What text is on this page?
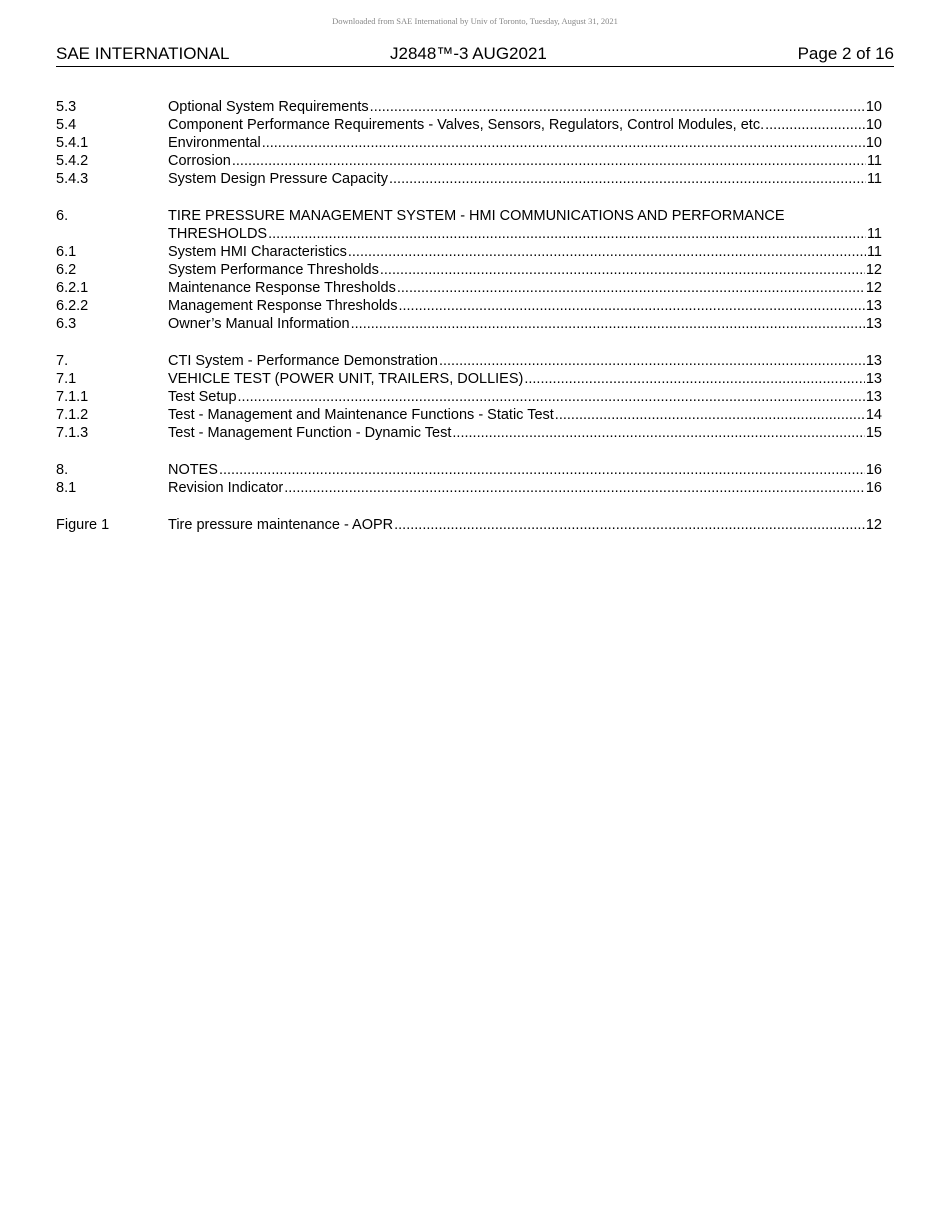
Downloaded from SAE International by Univ of Toronto, Tuesday, August 31, 2021
SAE INTERNATIONAL	J2848™-3 AUG2021	Page 2 of 16
5.3	Optional System Requirements .....	10
5.4	Component Performance Requirements - Valves, Sensors, Regulators, Control Modules, etc. .....	10
5.4.1	Environmental .....	10
5.4.2	Corrosion .....	11
5.4.3	System Design Pressure Capacity .....	11
6.	TIRE PRESSURE MANAGEMENT SYSTEM - HMI COMMUNICATIONS AND PERFORMANCE
THRESHOLDS .....	11
6.1	System HMI Characteristics .....	11
6.2	System Performance Thresholds .....	12
6.2.1	Maintenance Response Thresholds .....	12
6.2.2	Management Response Thresholds .....	13
6.3	Owner’s Manual Information .....	13
7.	CTI System - Performance Demonstration .....	13
7.1	VEHICLE TEST (POWER UNIT, TRAILERS, DOLLIES) .....	13
7.1.1	Test Setup .....	13
7.1.2	Test - Management and Maintenance Functions - Static Test .....	14
7.1.3	Test - Management Function - Dynamic Test .....	15
8.	NOTES .....	16
8.1	Revision Indicator .....	16
Figure 1	Tire pressure maintenance - AOPR .....	12
